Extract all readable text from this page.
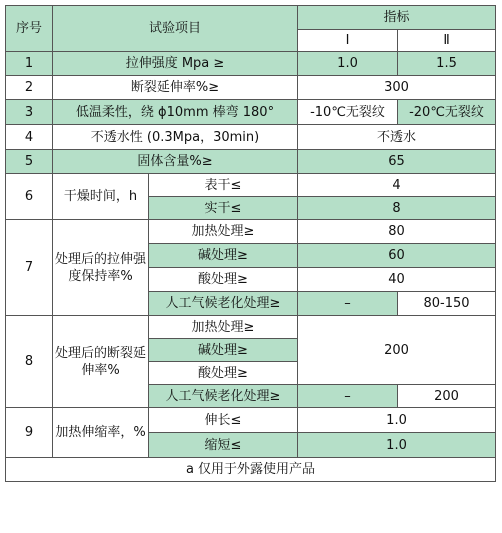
序号	试验项目		指标	
			Ⅰ	Ⅱ
1	拉伸强度 Mpa ≥		1.0	1.5
2	断裂延伸率%≥		300	
3	低温柔性，绕 ϕ10mm 棒弯 180°		-10℃无裂纹	-20℃无裂纹
4	不透水性 (0.3Mpa，30min)		不透水	
5	固体含量%≥		65	
6	干燥时间，h	表干≤	4	
		实干≤	8	
7	处理后的拉伸强度保持率%	加热处理≥	80	
		碱处理≥	60	
		酸处理≥	40	
		人工气候老化处理≥	–	80-150
8	处理后的断裂延伸率%	加热处理≥	200	
		碱处理≥		
		酸处理≥		
		人工气候老化处理≥	–	200
9	加热伸缩率，%	伸长≤	1.0	
		缩短≤	1.0	
a 仅用于外露使用产品				
